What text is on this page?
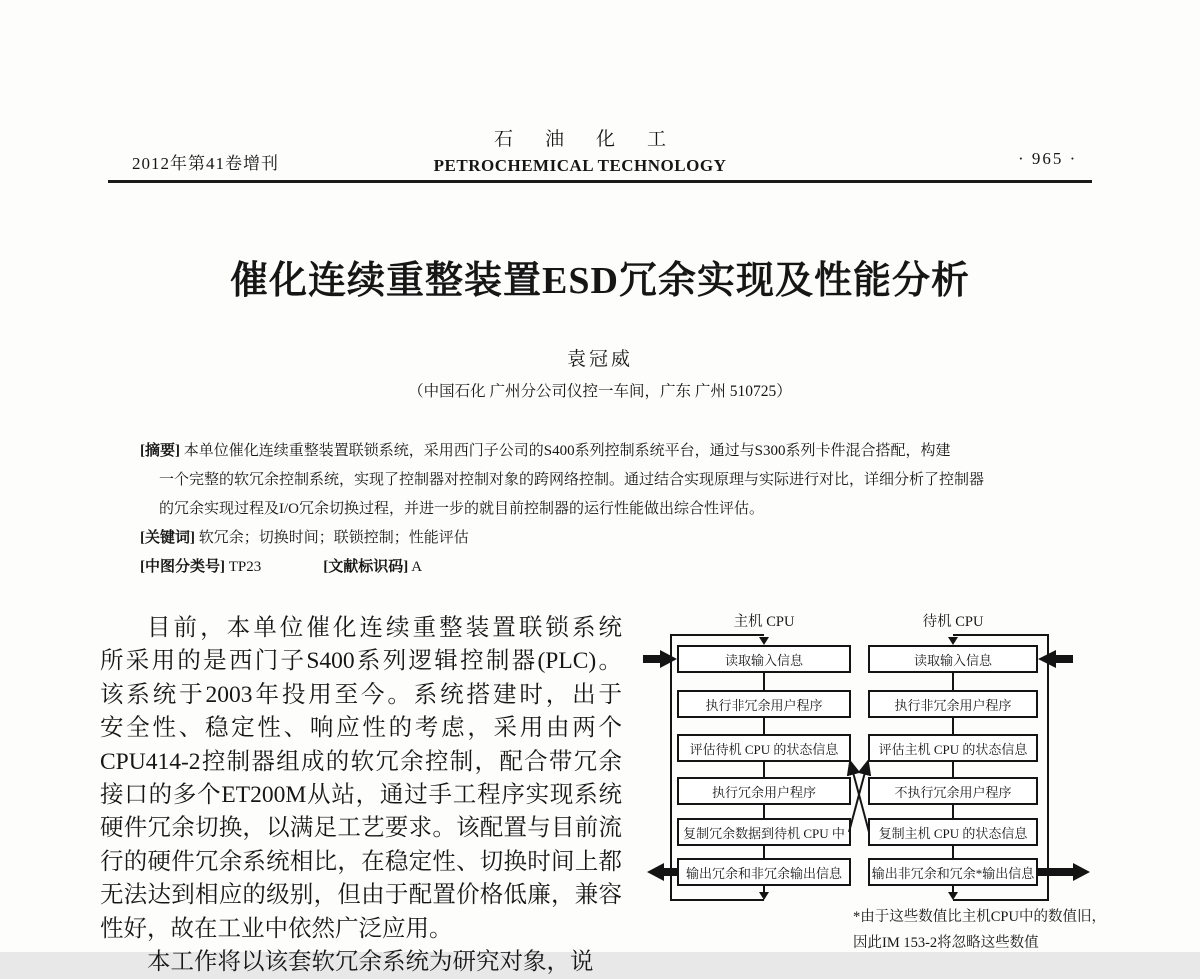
2012年第41卷增刊
石油化工
PETROCHEMICAL TECHNOLOGY	· 965 ·
催化连续重整装置ESD冗余实现及性能分析
袁冠威
（中国石化 广州分公司仪控一车间，广东 广州 510725）
[摘要] 本单位催化连续重整装置联锁系统，采用西门子公司的S400系列控制系统平台，通过与S300系列卡件混合搭配，构建
一个完整的软冗余控制系统，实现了控制器对控制对象的跨网络控制。通过结合实现原理与实际进行对比，详细分析了控制器
的冗余实现过程及I/O冗余切换过程，并进一步的就目前控制器的运行性能做出综合性评估。
[关键词] 软冗余；切换时间；联锁控制；性能评估
[中图分类号] TP23	[文献标识码] A
目前，本单位催化连续重整装置联锁系统
所采用的是西门子S400系列逻辑控制器(PLC)。
该系统于2003年投用至今。系统搭建时，出于
安全性、稳定性、响应性的考虑，采用由两个
CPU414-2控制器组成的软冗余控制，配合带冗余
接口的多个ET200M从站，通过手工程序实现系统
硬件冗余切换，以满足工艺要求。该配置与目前流
行的硬件冗余系统相比，在稳定性、切换时间上都
无法达到相应的级别，但由于配置价格低廉，兼容
性好，故在工业中依然广泛应用。
本工作将以该套软冗余系统为研究对象，说
主机 CPU	待机 CPU
读取输入信息
执行非冗余用户程序
评估待机 CPU 的状态信息
执行冗余用户程序
复制冗余数据到待机 CPU 中
输出冗余和非冗余输出信息
读取输入信息
执行非冗余用户程序
评估主机 CPU 的状态信息
不执行冗余用户程序
复制主机 CPU 的状态信息
输出非冗余和冗余*输出信息
*由于这些数值比主机CPU中的数值旧，
因此IM 153-2将忽略这些数值
